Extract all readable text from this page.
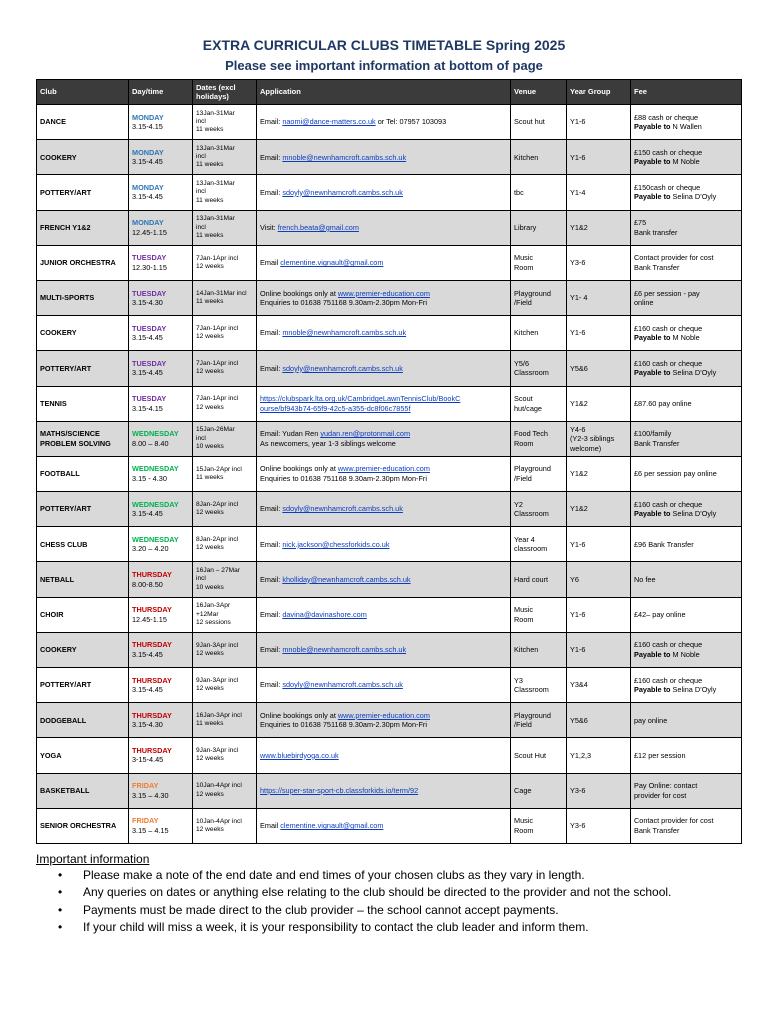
EXTRA CURRICULAR CLUBS TIMETABLE Spring 2025
Please see important information at bottom of page
Club	Day/time	Dates (excl holidays)	Application	Venue	Year Group	Fee
DANCE	MONDAY
3.15-4.15	13Jan-31Mar
incl
11 weeks	Email: naomi@dance-matters.co.uk or Tel: 07957 103093	Scout hut	Y1-6	£88 cash or cheque
Payable to N Wallen

COOKERY	MONDAY
3.15-4.45	13Jan-31Mar
incl
11 weeks	Email: mnoble@newnhamcroft.cambs.sch.uk	Kitchen	Y1-6	£150 cash or cheque
Payable to M Noble

POTTERY/ART	MONDAY
3.15-4.45	13Jan-31Mar
incl
11 weeks	Email: sdoyly@newnhamcroft.cambs.sch.uk	tbc	Y1-4	£150cash or cheque
Payable to Selina D’Oyly

FRENCH Y1&2	MONDAY
12.45-1.15	13Jan-31Mar
incl
11 weeks	Visit: french.beata@gmail.com	Library	Y1&2	£75
Bank transfer

JUNIOR ORCHESTRA	TUESDAY
12.30-1.15	7Jan-1Apr incl
12 weeks	Email clementine.vignault@gmail.com	Music
Room	Y3-6	Contact provider for cost
Bank Transfer

MULTI-SPORTS	TUESDAY
3.15-4.30	14Jan-31Mar incl
11 weeks	Online bookings only at www.premier-education.com
Enquiries to 01638 751168 9.30am-2.30pm Mon-Fri	Playground
/Field	Y1- 4	£6 per session - pay
online

COOKERY	TUESDAY
3.15-4.45	7Jan-1Apr incl
12 weeks	Email: mnoble@newnhamcroft.cambs.sch.uk	Kitchen	Y1-6	£160 cash or cheque
Payable to M Noble

POTTERY/ART	TUESDAY
3.15-4.45	7Jan-1Apr incl
12 weeks	Email: sdoyly@newnhamcroft.cambs.sch.uk	Y5/6
Classroom	Y5&6	£160 cash or cheque
Payable to Selina D’Oyly

TENNIS	TUESDAY
3.15-4.15	7Jan-1Apr incl
12 weeks	https://clubspark.lta.org.uk/CambridgeLawnTennisClub/BookC
ourse/bf943b74-65f9-42c5-a355-dc8f06c7855f	Scout
hut/cage	Y1&2	£87.60 pay online

MATHS/SCIENCE PROBLEM SOLVING	WEDNESDAY
8.00 – 8.40	15Jan-26Mar
incl
10 weeks	Email: Yudan Ren yudan.ren@protonmail.com
As newcomers, year 1-3 siblings welcome	Food Tech
Room	Y4-6
(Y2-3 siblings
welcome)	£100/family
Bank Transfer

FOOTBALL	WEDNESDAY
3.15 - 4.30	15Jan-2Apr incl
11 weeks	Online bookings only at www.premier-education.com
Enquiries to 01638 751168 9.30am-2.30pm Mon-Fri	Playground
/Field	Y1&2	£6 per session pay online

POTTERY/ART	WEDNESDAY
3.15-4.45	8Jan-2Apr incl
12 weeks	Email: sdoyly@newnhamcroft.cambs.sch.uk	Y2
Classroom	Y1&2	£160 cash or cheque
Payable to Selina D’Oyly

CHESS CLUB	WEDNESDAY
3.20 – 4.20	8Jan-2Apr incl
12 weeks	Email: nick.jackson@chessforkids.co.uk	Year 4
classroom	Y1-6	£96 Bank Transfer

NETBALL	THURSDAY
8.00-8.50	16Jan – 27Mar
incl
10 weeks	Email: kholliday@newnhamcroft.cambs.sch.uk	Hard court	Y6	No fee

CHOIR	THURSDAY
12.45-1.15	16Jan-3Apr
+12Mar
12 sessions	Email: davina@davinashore.com	Music
Room	Y1-6	£42– pay online

COOKERY	THURSDAY
3.15-4.45	9Jan-3Apr incl
12 weeks	Email: mnoble@newnhamcroft.cambs.sch.uk	Kitchen	Y1-6	£160 cash or cheque
Payable to M Noble

POTTERY/ART	THURSDAY
3.15-4.45	9Jan-3Apr incl
12 weeks	Email: sdoyly@newnhamcroft.cambs.sch.uk	Y3
Classroom	Y3&4	£160 cash or cheque
Payable to Selina D’Oyly

DODGEBALL	THURSDAY
3.15-4.30	16Jan-3Apr incl
11 weeks	Online bookings only at www.premier-education.com
Enquiries to 01638 751168 9.30am-2.30pm Mon-Fri	Playground
/Field	Y5&6	pay online

YOGA	THURSDAY
3-15-4.45	9Jan-3Apr incl
12 weeks	www.bluebirdyoga.co.uk	Scout Hut	Y1,2,3	£12 per session

BASKETBALL	FRIDAY
3.15 – 4.30	10Jan-4Apr incl
12 weeks	https://super-star-sport-cb.classforkids.io/term/92	Cage	Y3-6	Pay Online: contact
provider for cost

SENIOR ORCHESTRA	FRIDAY
3.15 – 4.15	10Jan-4Apr incl
12 weeks	Email clementine.vignault@gmail.com	Music
Room	Y3-6	Contact provider for cost
Bank Transfer
Important information
• Please make a note of the end date and end times of your chosen clubs as they vary in length.
• Any queries on dates or anything else relating to the club should be directed to the provider and not the school.
• Payments must be made direct to the club provider – the school cannot accept payments.
• If your child will miss a week, it is your responsibility to contact the club leader and inform them.
